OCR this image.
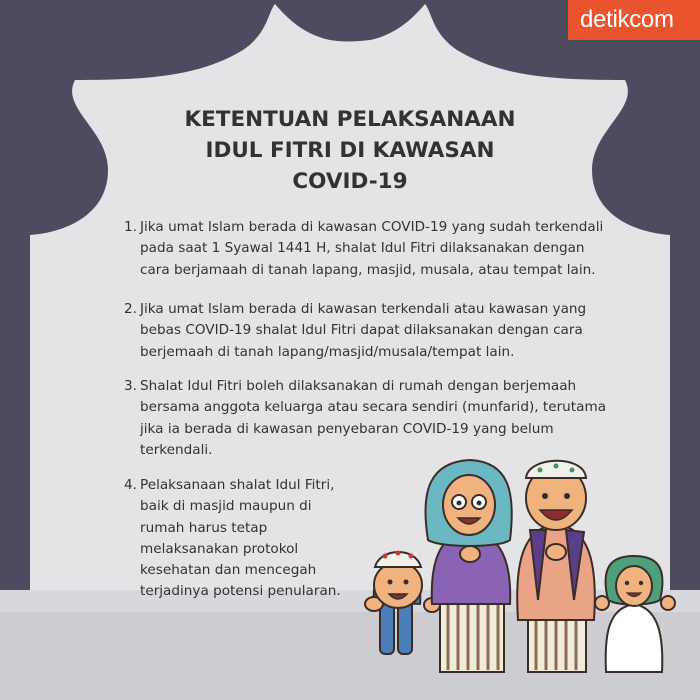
detikcom
KETENTUAN PELAKSANAAN
IDUL FITRI DI KAWASAN
COVID-19
1. Jika umat Islam berada di kawasan COVID-19 yang sudah terkendali pada saat 1 Syawal 1441 H, shalat Idul Fitri dilaksanakan dengan cara berjamaah di tanah lapang, masjid, musala, atau tempat lain.
2. Jika umat Islam berada di kawasan terkendali atau kawasan yang bebas COVID-19 shalat Idul Fitri dapat dilaksanakan dengan cara berjemaah di tanah lapang/masjid/musala/tempat lain.
3. Shalat Idul Fitri boleh dilaksanakan di rumah dengan berjemaah bersama anggota keluarga atau secara sendiri (munfarid), terutama jika ia berada di kawasan penyebaran COVID-19 yang belum terkendali.
4. Pelaksanaan shalat Idul Fitri, baik di masjid maupun di rumah harus tetap melaksanakan protokol kesehatan dan mencegah terjadinya potensi penularan.
